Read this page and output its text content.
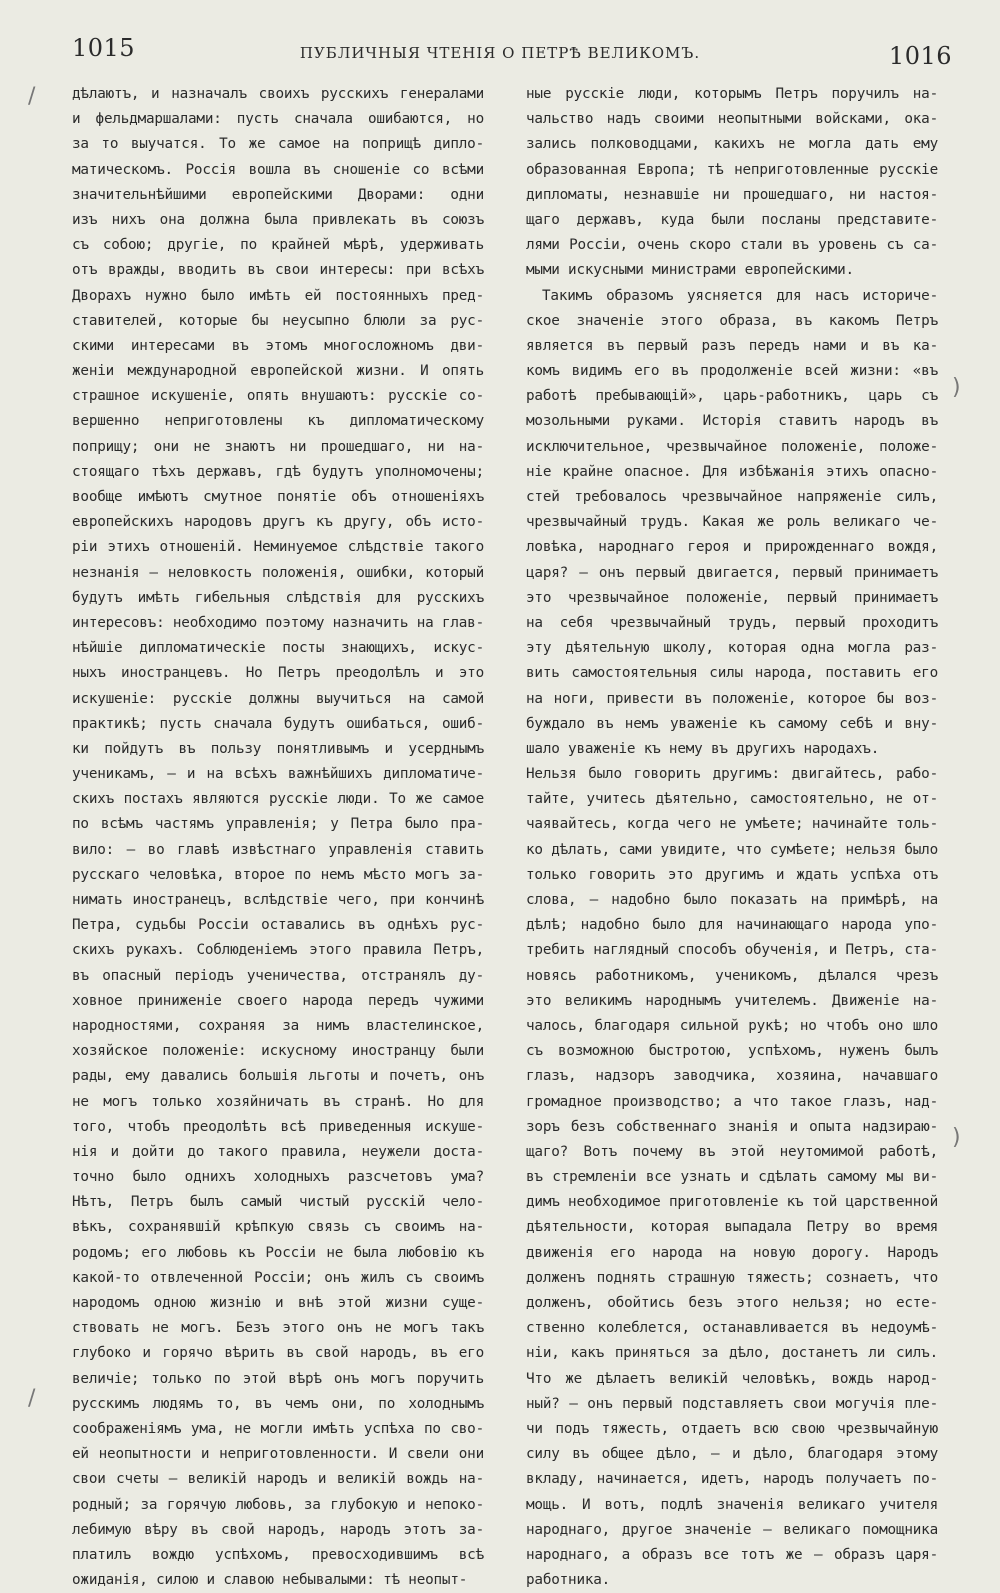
1015	ПУБЛИЧНЫЯ ЧТЕНІЯ О ПЕТРѢ ВЕЛИКОМЪ.	1016
/
)
)
/
дѣлаютъ, и назначалъ своихъ русскихъ генералами
и фельдмаршалами: пусть сначала ошибаются, но
за то выучатся. То же самое на поприщѣ дипло-
матическомъ. Россія вошла въ сношеніе со всѣми
значительнѣйшими европейскими Дворами: одни
изъ нихъ она должна была привлекать въ союзъ
съ собою; другіе, по крайней мѣрѣ, удерживать
отъ вражды, вводить въ свои интересы: при всѣхъ
Дворахъ нужно было имѣть ей постоянныхъ пред-
ставителей, которые бы неусыпно блюли за рус-
скими интересами въ этомъ многосложномъ дви-
женіи международной европейской жизни. И опять
страшное искушеніе, опять внушаютъ: русскіе со-
вершенно неприготовлены къ дипломатическому
поприщу; они не знаютъ ни прошедшаго, ни на-
стоящаго тѣхъ державъ, гдѣ будутъ уполномочены;
вообще имѣютъ смутное понятіе объ отношеніяхъ
европейскихъ народовъ другъ къ другу, объ исто-
ріи этихъ отношеній. Неминуемое слѣдствіе такого
незнанія — неловкость положенія, ошибки, который
будутъ имѣть гибельныя слѣдствія для русскихъ
интересовъ: необходимо поэтому назначить на глав-
нѣйшіе дипломатическіе посты знающихъ, искус-
ныхъ иностранцевъ. Но Петръ преодолѣлъ и это
искушеніе: русскіе должны выучиться на самой
практикѣ; пусть сначала будутъ ошибаться, ошиб-
ки пойдутъ въ пользу понятливымъ и усерднымъ
ученикамъ, — и на всѣхъ важнѣйшихъ дипломатиче-
скихъ постахъ являются русскіе люди. То же самое
по всѣмъ частямъ управленія; у Петра было пра-
вило: — во главѣ извѣстнаго управленія ставить
русскаго человѣка, второе по немъ мѣсто могъ за-
нимать иностранецъ, вслѣдствіе чего, при кончинѣ
Петра, судьбы Россіи оставались въ однѣхъ рус-
скихъ рукахъ. Соблюденіемъ этого правила Петръ,
въ опасный періодъ ученичества, отстранялъ ду-
ховное приниженіе своего народа передъ чужими
народностями, сохраняя за нимъ властелинское,
хозяйское положеніе: искусному иностранцу были
рады, ему давались большія льготы и почетъ, онъ
не могъ только хозяйничать въ странѣ. Но для
того, чтобъ преодолѣть всѣ приведенныя искушe-
нія и дойти до такого правила, неужели доста-
точно было однихъ холодныхъ разсчетовъ ума?
Нѣтъ, Петръ былъ самый чистый русскій чело-
вѣкъ, сохранявшій крѣпкую связь съ своимъ на-
родомъ; его любовь къ Россіи не была любовію къ
какой-то отвлеченной Россіи; онъ жилъ съ своимъ
народомъ одною жизнію и внѣ этой жизни суще-
ствовать не могъ. Безъ этого онъ не могъ такъ
глубоко и горячо вѣрить въ свой народъ, въ его
величіе; только по этой вѣрѣ онъ могъ поручить
русскимъ людямъ то, въ чемъ они, по холоднымъ
соображеніямъ ума, не могли имѣть успѣха по сво-
ей неопытности и неприготовленности. И свели они
свои счеты — великій народъ и великій вождь на-
родный; за горячую любовь, за глубокую и непоко-
лебимую вѣру въ свой народъ, народъ этотъ за-
платилъ вождю успѣхомъ, превосходившимъ всѣ
ожиданія, силою и славою небывалыми: тѣ неопыт-
ные русскіе люди, которымъ Петръ поручилъ на-
чальство надъ своими неопытными войсками, ока-
зались полководцами, какихъ не могла дать ему
образованная Европа; тѣ неприготовленные русскіе
дипломаты, незнавшіе ни прошедшаго, ни настоя-
щаго державъ, куда были посланы представите-
лями Россіи, очень скоро стали въ уровень съ са-
мыми искусными министрами европейскими.
Такимъ образомъ уясняется для насъ историче-
ское значеніе этого образа, въ какомъ Петръ
является въ первый разъ передъ нами и въ ка-
комъ видимъ его въ продолженіе всей жизни: «въ
работѣ пребывающій», царь-работникъ, царь съ
мозольными руками. Исторія ставитъ народъ въ
исключительное, чрезвычайное положеніе, положе-
ніе крайне опасное. Для избѣжанія этихъ опасно-
стей требовалось чрезвычайное напряженіе силъ,
чрезвычайный трудъ. Какая же роль великаго че-
ловѣка, народнаго героя и прирожденнаго вождя,
царя? — онъ первый двигается, первый принимаетъ
это чрезвычайное положеніе, первый принимаетъ
на себя чрезвычайный трудъ, первый проходитъ
эту дѣятельную школу, которая одна могла раз-
вить самостоятельныя силы народа, поставить его
на ноги, привести въ положеніе, которое бы воз-
буждало въ немъ уваженіе къ самому себѣ и вну-
шало уваженіе къ нему въ другихъ народахъ.
Нельзя было говорить другимъ: двигайтесь, рабо-
тайте, учитесь дѣятельно, самостоятельно, не от-
чаявайтесь, когда чего не умѣете; начинайте толь-
ко дѣлать, сами увидите, что сумѣете; нельзя было
только говорить это другимъ и ждать успѣха отъ
слова, — надобно было показать на примѣрѣ, на
дѣлѣ; надобно было для начинающаго народа упо-
требить наглядный способъ обученія, и Петръ, ста-
новясь работникомъ, ученикомъ, дѣлался чрезъ
это великимъ народнымъ учителемъ. Движеніе на-
чалось, благодаря сильной рукѣ; но чтобъ оно шло
съ возможною быстротою, успѣхомъ, нуженъ былъ
глазъ, надзоръ заводчика, хозяина, начавшаго
громадное производство; а что такое глазъ, над-
зоръ безъ собственнаго знанія и опыта надзираю-
щаго? Вотъ почему въ этой неутомимой работѣ,
въ стремленіи все узнать и сдѣлать самому мы ви-
димъ необходимое приготовленіе къ той царственной
дѣятельности, которая выпадала Петру во время
движенія его народа на новую дорогу. Народъ
долженъ поднять страшную тяжесть; сознаетъ, что
долженъ, обойтись безъ этого нельзя; но есте-
ственно колеблется, останавливается въ недоумѣ-
ніи, какъ приняться за дѣло, достанетъ ли силъ.
Что же дѣлаетъ великій человѣкъ, вождь народ-
ный? — онъ первый подставляетъ свои могучія пле-
чи подъ тяжесть, отдаетъ всю свою чрезвычайную
силу въ общее дѣло, — и дѣло, благодаря этому
вкладу, начинается, идетъ, народъ получаетъ по-
мощь. И вотъ, подлѣ значенія великаго учителя
народнаго, другое значеніе — великаго помощника
народнаго, а образъ все тотъ же — образъ царя-
работника.
